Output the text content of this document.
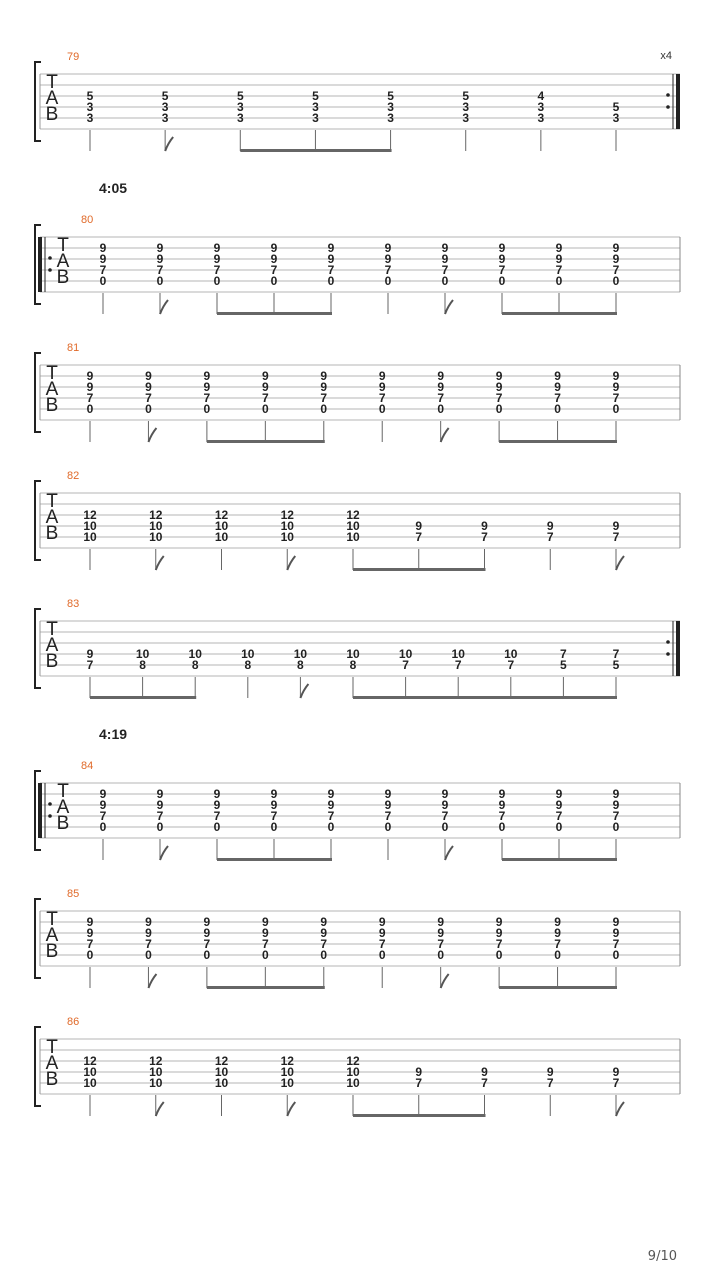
T
A
B
79	x4
5
3
3
5
3
3
5
3
3
5
3
3
5
3
3
5
3
3
4
3
3
5
3
T
A
B
80
4:05
9
9
7
0
9
9
7
0
9
9
7
0
9
9
7
0
9
9
7
0
9
9
7
0
9
9
7
0
9
9
7
0
9
9
7
0
9
9
7
0
T
A
B
81
9
9
7
0
9
9
7
0
9
9
7
0
9
9
7
0
9
9
7
0
9
9
7
0
9
9
7
0
9
9
7
0
9
9
7
0
9
9
7
0
T
A
B
82
12
10
10
12
10
10
12
10
10
12
10
10
12
10
10
9
7
9
7
9
7
9
7
T
A
B
83
9
7
10
8
10
8
10
8
10
8
10
8
10
7
10
7
10
7
7
5
7
5
T
A
B
84
4:19
9
9
7
0
9
9
7
0
9
9
7
0
9
9
7
0
9
9
7
0
9
9
7
0
9
9
7
0
9
9
7
0
9
9
7
0
9
9
7
0
T
A
B
85
9
9
7
0
9
9
7
0
9
9
7
0
9
9
7
0
9
9
7
0
9
9
7
0
9
9
7
0
9
9
7
0
9
9
7
0
9
9
7
0
T
A
B
86
12
10
10
12
10
10
12
10
10
12
10
10
12
10
10
9
7
9
7
9
7
9
7
9/10
